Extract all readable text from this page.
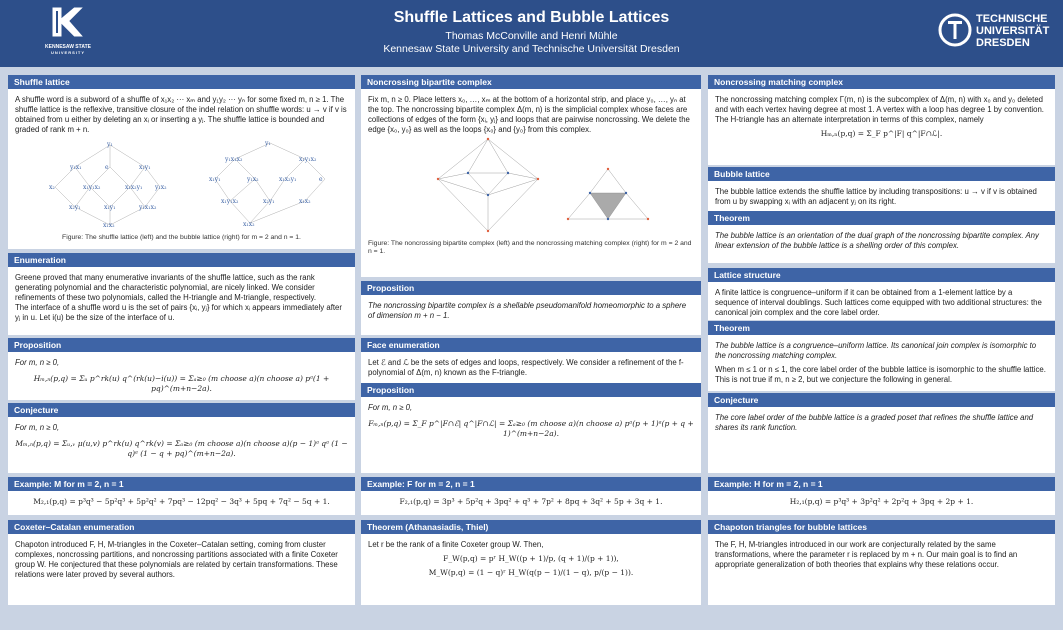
KENNESAW STATE
UNIVERSITY
Shuffle Lattices and Bubble Lattices
Thomas McConville and Henri Mühle
Kennesaw State University and Technische Universität Dresden
TECHNISCHE UNIVERSITÄT DRESDEN
Shuffle lattice
A shuffle word is a subword of a shuffle of x₁x₂ ··· xₘ and y₁y₂ ··· yₙ for some fixed m, n ≥ 1. The shuffle lattice is the reflexive, transitive closure of the indel relation on shuffle words: u → v if v is obtained from u either by deleting an xᵢ or inserting a yⱼ. The shuffle lattice is bounded and graded of rank m + n.
y₁
y₁x₁	e	x₁y₁
x₂	x₁y₁x₂	x₁x₂y₁ y₁x₂
x₂y₁	x₁y₁	y₁x₁x₂
x₁x₂
y₁
y₁x₁x₂	x₁y₁x₂
x₁y₁	y₁x₂	x₁x₂y₁	e
x₁y₁x₂	x₂y₁	x₁x₂
x₁x₂
Figure: The shuffle lattice (left) and the bubble lattice (right) for m = 2 and n = 1.
Enumeration
Greene proved that many enumerative invariants of the shuffle lattice, such as the rank generating polynomial and the characteristic polynomial, are nicely linked. We consider refinements of these two polynomials, called the H-triangle and M-triangle, respectively.
The interface of a shuffle word u is the set of pairs {xᵢ, yⱼ} for which xᵢ appears immediately after yⱼ in u. Let i(u) be the size of the interface of u.
Proposition
For m, n ≥ 0,
Hₘ,ₙ(p,q) = Σᵤ p^rk(u) q^(rk(u)−i(u)) = Σₐ≥₀ (m choose a)(n choose a) pᵃ(1 + pq)^(m+n−2a).
Conjecture
For m, n ≥ 0,
Mₘ,ₙ(p,q) = Σᵤ,ᵥ μ(u,v) p^rk(u) q^rk(v) = Σₐ≥₀ (m choose a)(n choose a)(p − 1)ᵃ qᵃ (1 − q)ᵃ (1 − q + pq)^(m+n−2a).
Example: M for m = 2, n = 1
M₂,₁(p,q) = p³q³ − 5p²q³ + 5p²q² + 7pq³ − 12pq² − 3q³ + 5pq + 7q² − 5q + 1.
Coxeter–Catalan enumeration
Chapoton introduced F, H, M-triangles in the Coxeter–Catalan setting, coming from cluster complexes, noncrossing partitions, and noncrossing partitions associated with a finite Coxeter group W. He conjectured that these polynomials are related by certain transformations. These relations were later proved by several authors.
Noncrossing bipartite complex
Fix m, n ≥ 0. Place letters x₀, …, xₘ at the bottom of a horizontal strip, and place y₀, …, yₙ at the top. The noncrossing bipartite complex Δ(m, n) is the simplicial complex whose faces are collections of edges of the form {xᵢ, yⱼ} and loops that are pairwise noncrossing. We delete the edge {x₀, y₀} as well as the loops {x₀} and {y₀} from this complex.
Figure: The noncrossing bipartite complex (left) and the noncrossing matching complex (right) for m = 2 and n = 1.
Proposition
The noncrossing bipartite complex is a shellable pseudomanifold homeomorphic to a sphere of dimension m + n − 1.
Face enumeration
Let ℰ and ℒ be the sets of edges and loops, respectively. We consider a refinement of the f-polynomial of Δ(m, n) known as the F-triangle.
Proposition
For m, n ≥ 0,
Fₘ,ₙ(p,q) = Σ_F p^|F∩ℰ| q^|F∩ℒ| = Σₐ≥₀ (m choose a)(n choose a) pᵃ(p + 1)ᵃ(p + q + 1)^(m+n−2a).
Example: F for m = 2, n = 1
F₂,₁(p,q) = 3p³ + 5p²q + 3pq² + q³ + 7p² + 8pq + 3q² + 5p + 3q + 1.
Theorem (Athanasiadis, Thiel)
Let r be the rank of a finite Coxeter group W. Then,
F_W(p,q) = pʳ H_W((p + 1)/p, (q + 1)/(p + 1)),
M_W(p,q) = (1 − q)ʳ H_W(q(p − 1)/(1 − q), p/(p − 1)).
Noncrossing matching complex
The noncrossing matching complex Γ(m, n) is the subcomplex of Δ(m, n) with x₀ and y₀ deleted and with each vertex having degree at most 1. A vertex with a loop has degree 1 by convention. The H-triangle has an alternate interpretation in terms of this complex, namely
Hₘ,ₙ(p,q) = Σ_F p^|F| q^|F∩ℒ|.
Bubble lattice
The bubble lattice extends the shuffle lattice by including transpositions: u → v if v is obtained from u by swapping xᵢ with an adjacent yⱼ on its right.
Theorem
The bubble lattice is an orientation of the dual graph of the noncrossing bipartite complex. Any linear extension of the bubble lattice is a shelling order of this complex.
Lattice structure
A finite lattice is congruence–uniform if it can be obtained from a 1-element lattice by a sequence of interval doublings. Such lattices come equipped with two additional structures: the canonical join complex and the core label order.
Theorem
The bubble lattice is a congruence–uniform lattice. Its canonical join complex is isomorphic to the noncrossing matching complex.
When m ≤ 1 or n ≤ 1, the core label order of the bubble lattice is isomorphic to the shuffle lattice. This is not true if m, n ≥ 2, but we conjecture the following in general.
Conjecture
The core label order of the bubble lattice is a graded poset that refines the shuffle lattice and shares its rank function.
Example: H for m = 2, n = 1
H₂,₁(p,q) = p³q³ + 3p²q² + 2p²q + 3pq + 2p + 1.
Chapoton triangles for bubble lattices
The F, H, M-triangles introduced in our work are conjecturally related by the same transformations, where the parameter r is replaced by m + n. Our main goal is to find an appropriate generalization of both theories that explains why these relations occur.
